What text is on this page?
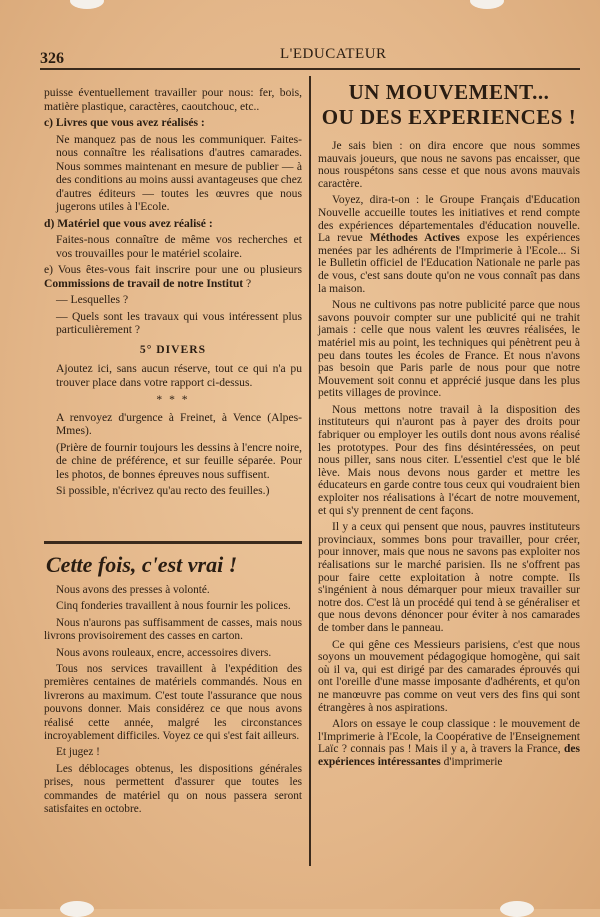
326	L'EDUCATEUR

puisse éventuellement travailler pour nous: fer, bois, matière plastique, caractères, caoutchouc, etc..

c) Livres que vous avez réalisés :

Ne manquez pas de nous les communiquer. Faites-nous connaître les réalisations d'autres camarades. Nous sommes maintenant en mesure de publier — à des conditions au moins aussi avantageuses que chez d'autres éditeurs — toutes les œuvres que nous jugerons utiles à l'Ecole.

d) Matériel que vous avez réalisé :

Faites-nous connaître de même vos recherches et vos trouvailles pour le matériel scolaire.

e) Vous êtes-vous fait inscrire pour une ou plusieurs Commissions de travail de notre Institut ?

— Lesquelles ?

— Quels sont les travaux qui vous intéressent plus particulièrement ?

5° DIVERS

Ajoutez ici, sans aucun réserve, tout ce qui n'a pu trouver place dans votre rapport ci-dessus.

* * *

A renvoyez d'urgence à Freinet, à Vence (Alpes-Mmes).

(Prière de fournir toujours les dessins à l'encre noire, de chine de préférence, et sur feuille séparée. Pour les photos, de bonnes épreuves nous suffisent.

Si possible, n'écrivez qu'au recto des feuilles.)

Cette fois, c'est vrai !

Nous avons des presses à volonté.

Cinq fonderies travaillent à nous fournir les polices.

Nous n'aurons pas suffisamment de casses, mais nous livrons provisoirement des casses en carton.

Nous avons rouleaux, encre, accessoires divers.

Tous nos services travaillent à l'expédition des premières centaines de matériels commandés. Nous en livrerons au maximum. C'est toute l'assurance que nous pouvons donner. Mais considérez ce que nous avons réalisé cette année, malgré les circonstances incroyablement difficiles. Voyez ce qui s'est fait ailleurs.

Et jugez !

Les déblocages obtenus, les dispositions générales prises, nous permettent d'assurer que toutes les commandes de matériel qu on nous passera seront satisfaites en octobre.

UN MOUVEMENT...
OU DES EXPERIENCES !

Je sais bien : on dira encore que nous sommes mauvais joueurs, que nous ne savons pas encaisser, que nous rouspétons sans cesse et que nous avons mauvais caractère.

Voyez, dira-t-on : le Groupe Français d'Education Nouvelle accueille toutes les initiatives et rend compte des expériences départementales d'éducation nouvelle. La revue Méthodes Actives expose les expériences menées par les adhérents de l'Imprimerie à l'Ecole... Si le Bulletin officiel de l'Education Nationale ne parle pas de vous, c'est sans doute qu'on ne vous connaît pas dans la maison.

Nous ne cultivons pas notre publicité parce que nous savons pouvoir compter sur une publicité qui ne trahit jamais : celle que nous valent les œuvres réalisées, le matériel mis au point, les techniques qui pénètrent peu à peu dans toutes les écoles de France. Et nous n'avons pas besoin que Paris parle de nous pour que notre Mouvement soit connu et apprécié jusque dans les plus petits villages de province.

Nous mettons notre travail à la disposition des instituteurs qui n'auront pas à payer des droits pour fabriquer ou employer les outils dont nous avons réalisé les prototypes. Pour des fins désintéressées, on peut nous piller, sans nous citer. L'essentiel c'est que le blé lève. Mais nous devons nous garder et mettre les éducateurs en garde contre tous ceux qui voudraient bien exploiter nos réalisations à l'écart de notre mouvement, et qui s'y prennent de cent façons.

Il y a ceux qui pensent que nous, pauvres instituteurs provinciaux, sommes bons pour travailler, pour créer, pour innover, mais que nous ne savons pas exploiter nos réalisations sur le marché parisien. Ils ne s'offrent pas pour faire cette exploitation à notre compte. Ils s'ingénient à nous démarquer pour mieux travailler sur notre dos. C'est là un procédé qui tend à se généraliser et que nous devons dénoncer pour éviter à nos camarades de tomber dans le panneau.

Ce qui gêne ces Messieurs parisiens, c'est que nous soyons un mouvement pédagogique homogène, qui sait où il va, qui est dirigé par des camarades éprouvés qui ont l'oreille d'une masse imposante d'adhérents, et qu'on ne manœuvre pas comme on veut vers des fins qui sont étrangères à nos aspirations.

Alors on essaye le coup classique : le mouvement de l'Imprimerie à l'Ecole, la Coopérative de l'Enseignement Laïc ? connais pas ! Mais il y a, à travers la France, des expériences intéressantes d'imprimerie
